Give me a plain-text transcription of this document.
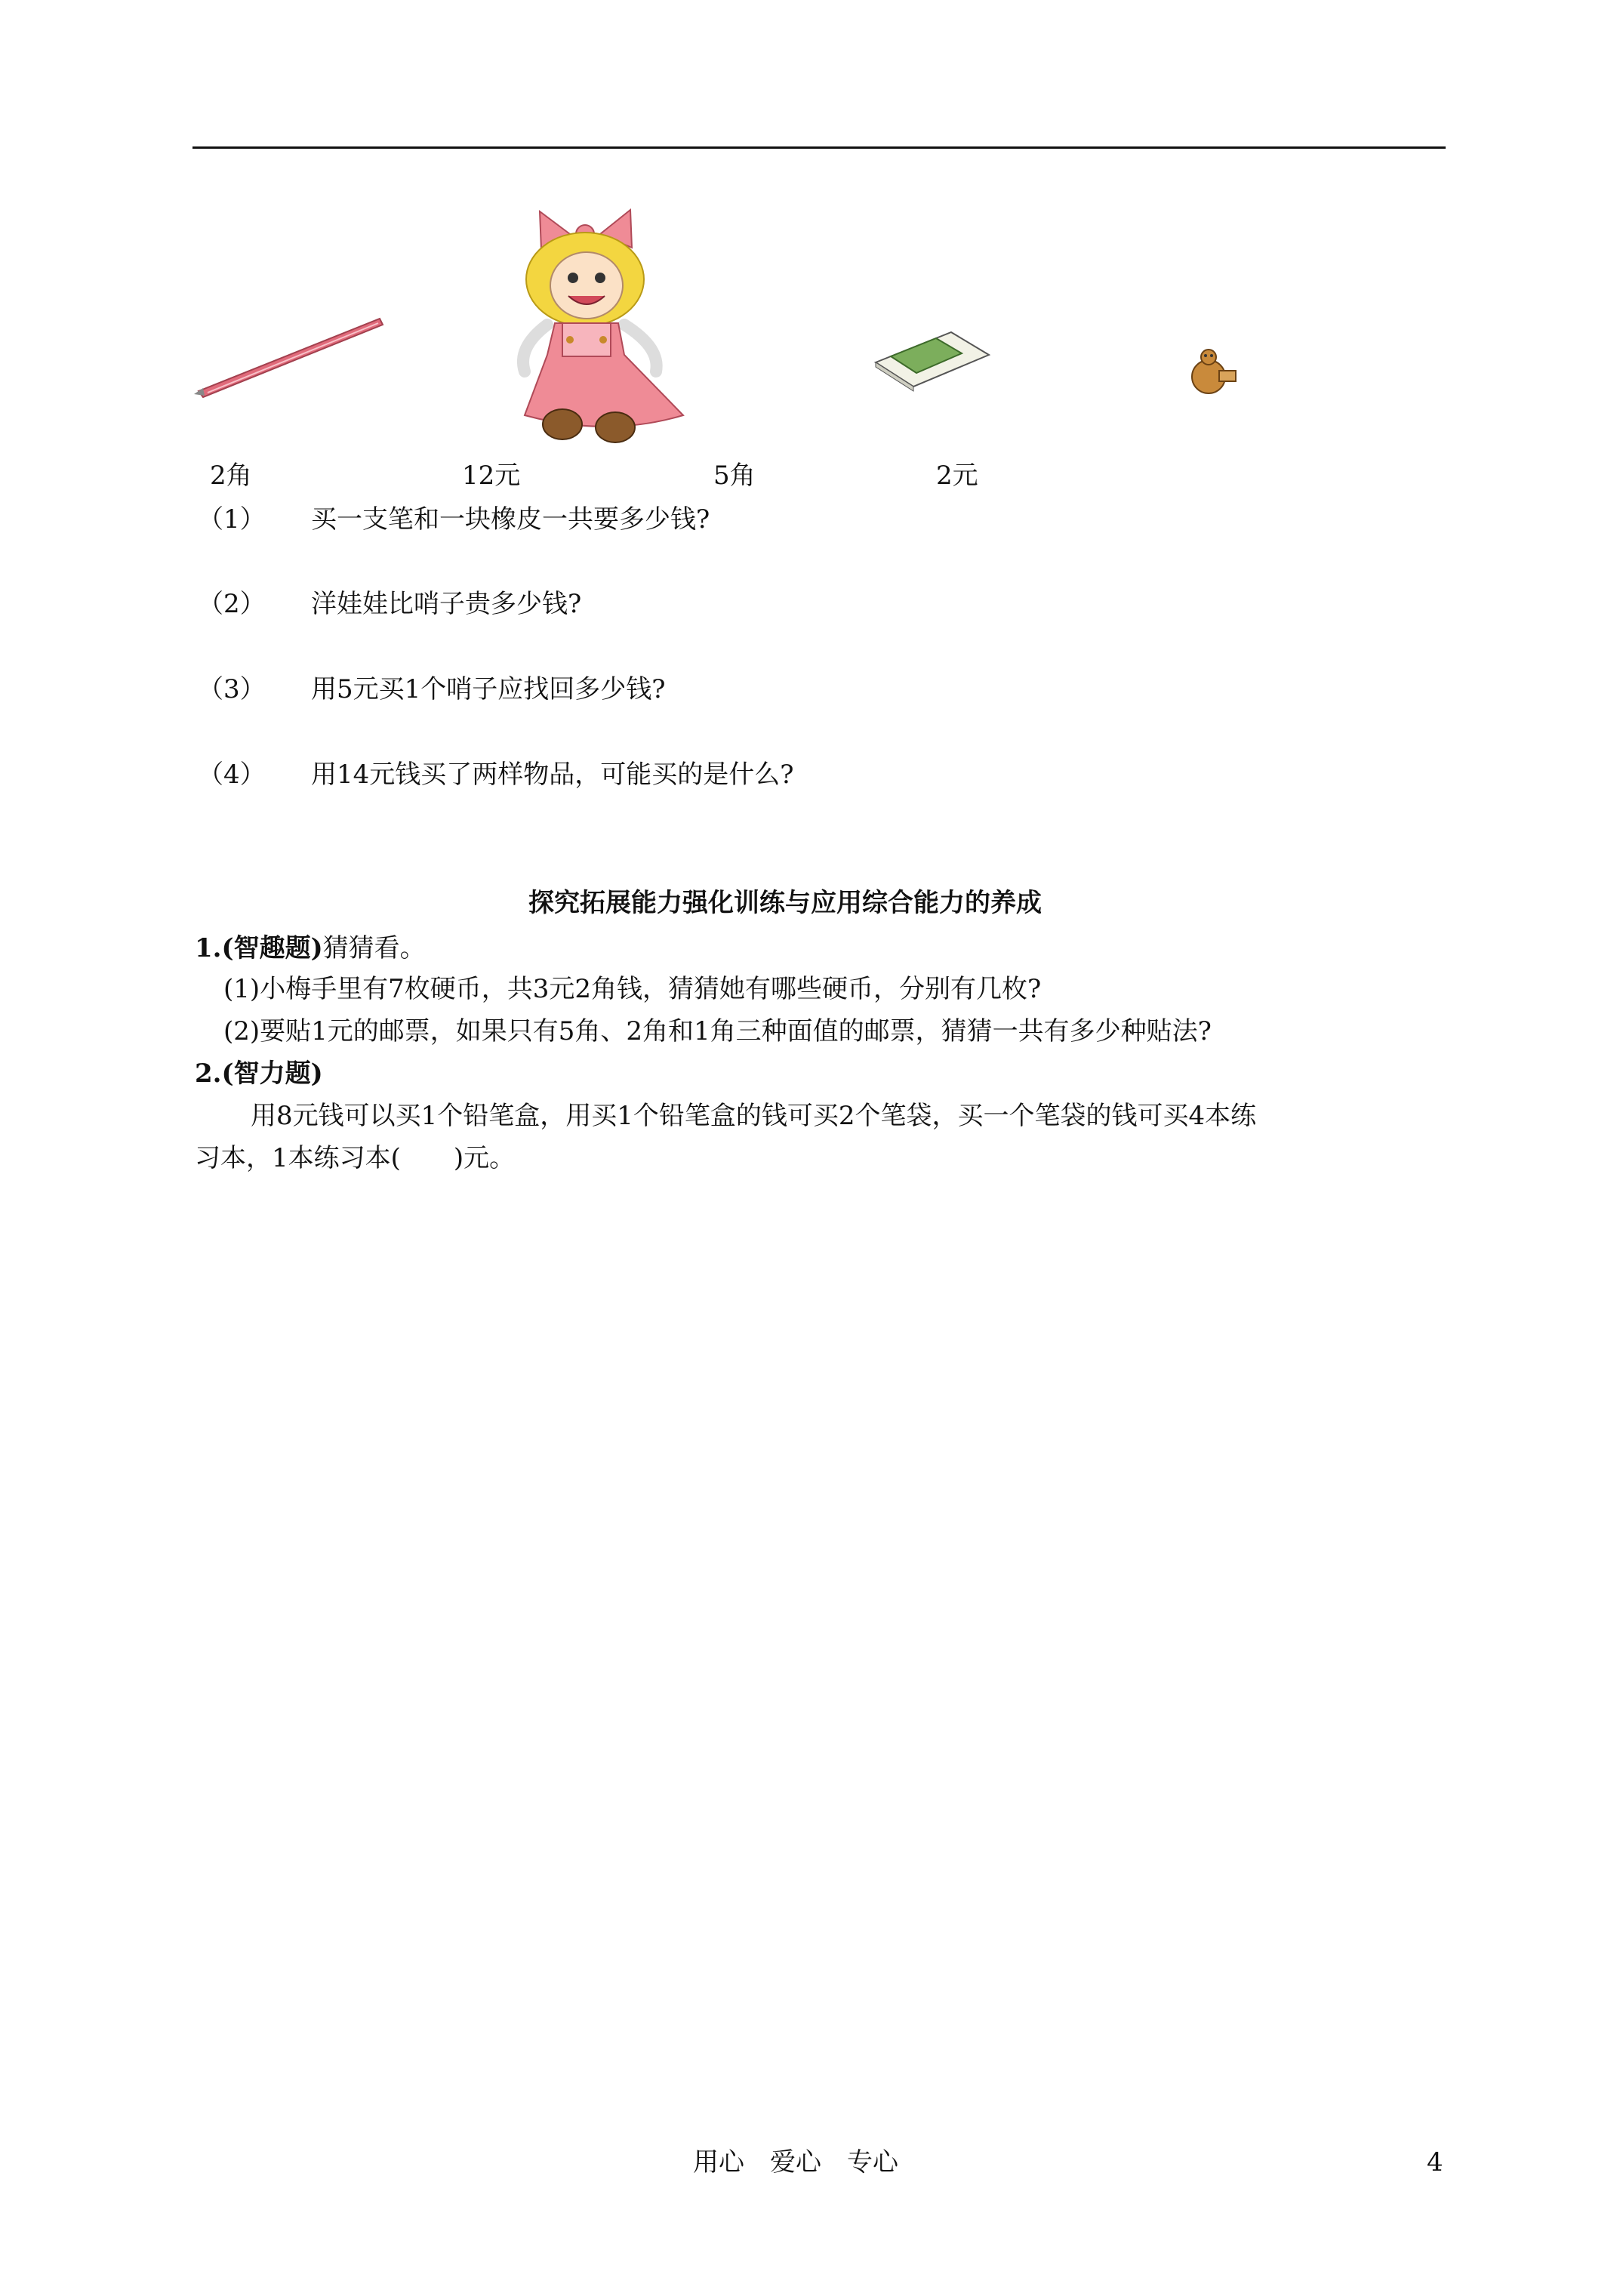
2角	12元	5角	2元
（1） 买一支笔和一块橡皮一共要多少钱?
（2） 洋娃娃比哨子贵多少钱?
（3） 用5元买1个哨子应找回多少钱?
（4） 用14元钱买了两样物品，可能买的是什么?
探究拓展能力强化训练与应用综合能力的养成
1.(智趣题)猜猜看。
(1)小梅手里有7枚硬币，共3元2角钱，猜猜她有哪些硬币，分别有几枚?
(2)要贴1元的邮票，如果只有5角、2角和1角三种面值的邮票，猜猜一共有多少种贴法?
2.(智力题)
用8元钱可以买1个铅笔盒，用买1个铅笔盒的钱可买2个笔袋，买一个笔袋的钱可买4本练
习本，1本练习本( )元。
用心　爱心　专心	4
